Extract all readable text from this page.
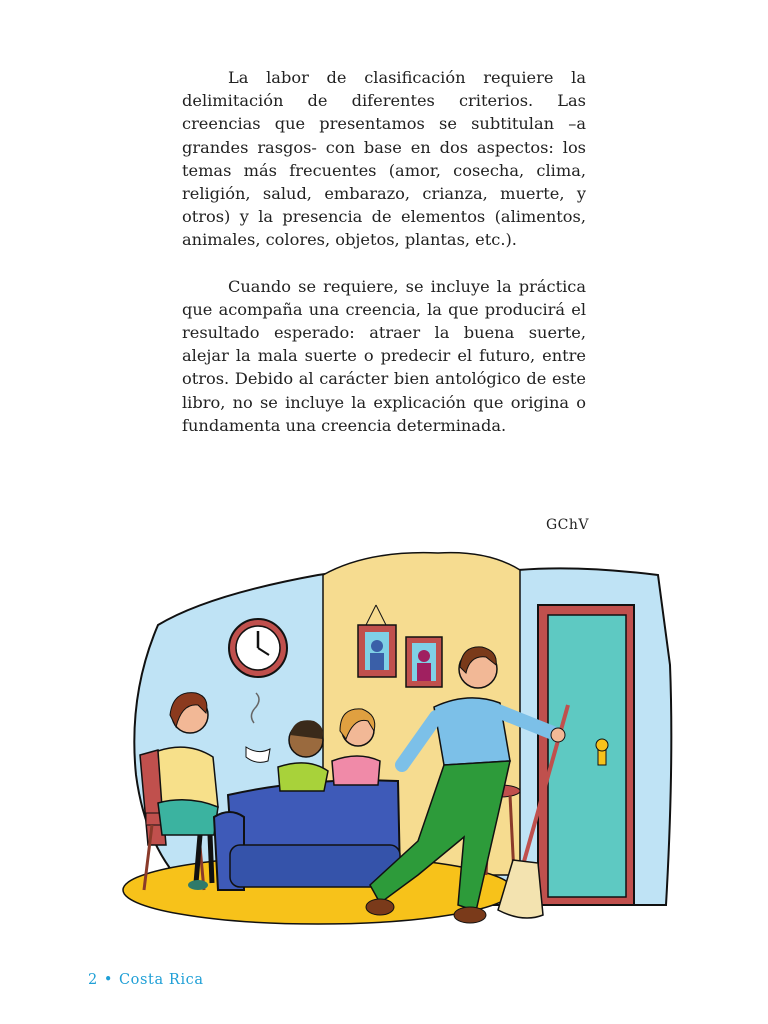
La labor de clasificación requiere la delimitación de diferentes criterios. Las creencias que presentamos se subtitulan –a grandes rasgos- con base en dos aspectos: los temas más frecuentes (amor, cosecha, clima, religión, salud, embarazo, crianza, muerte, y otros) y la presencia de elementos (alimentos, animales, colores, objetos, plantas, etc.).

Cuando se requiere, se incluye la práctica que acompaña una creencia, la que producirá el resultado esperado: atraer la buena suerte, alejar la mala suerte o predecir el futuro, entre otros. Debido al carácter bien antológico de este libro, no se incluye la explicación que origina o fundamenta una creencia determinada.

GChV
2 • Costa Rica
